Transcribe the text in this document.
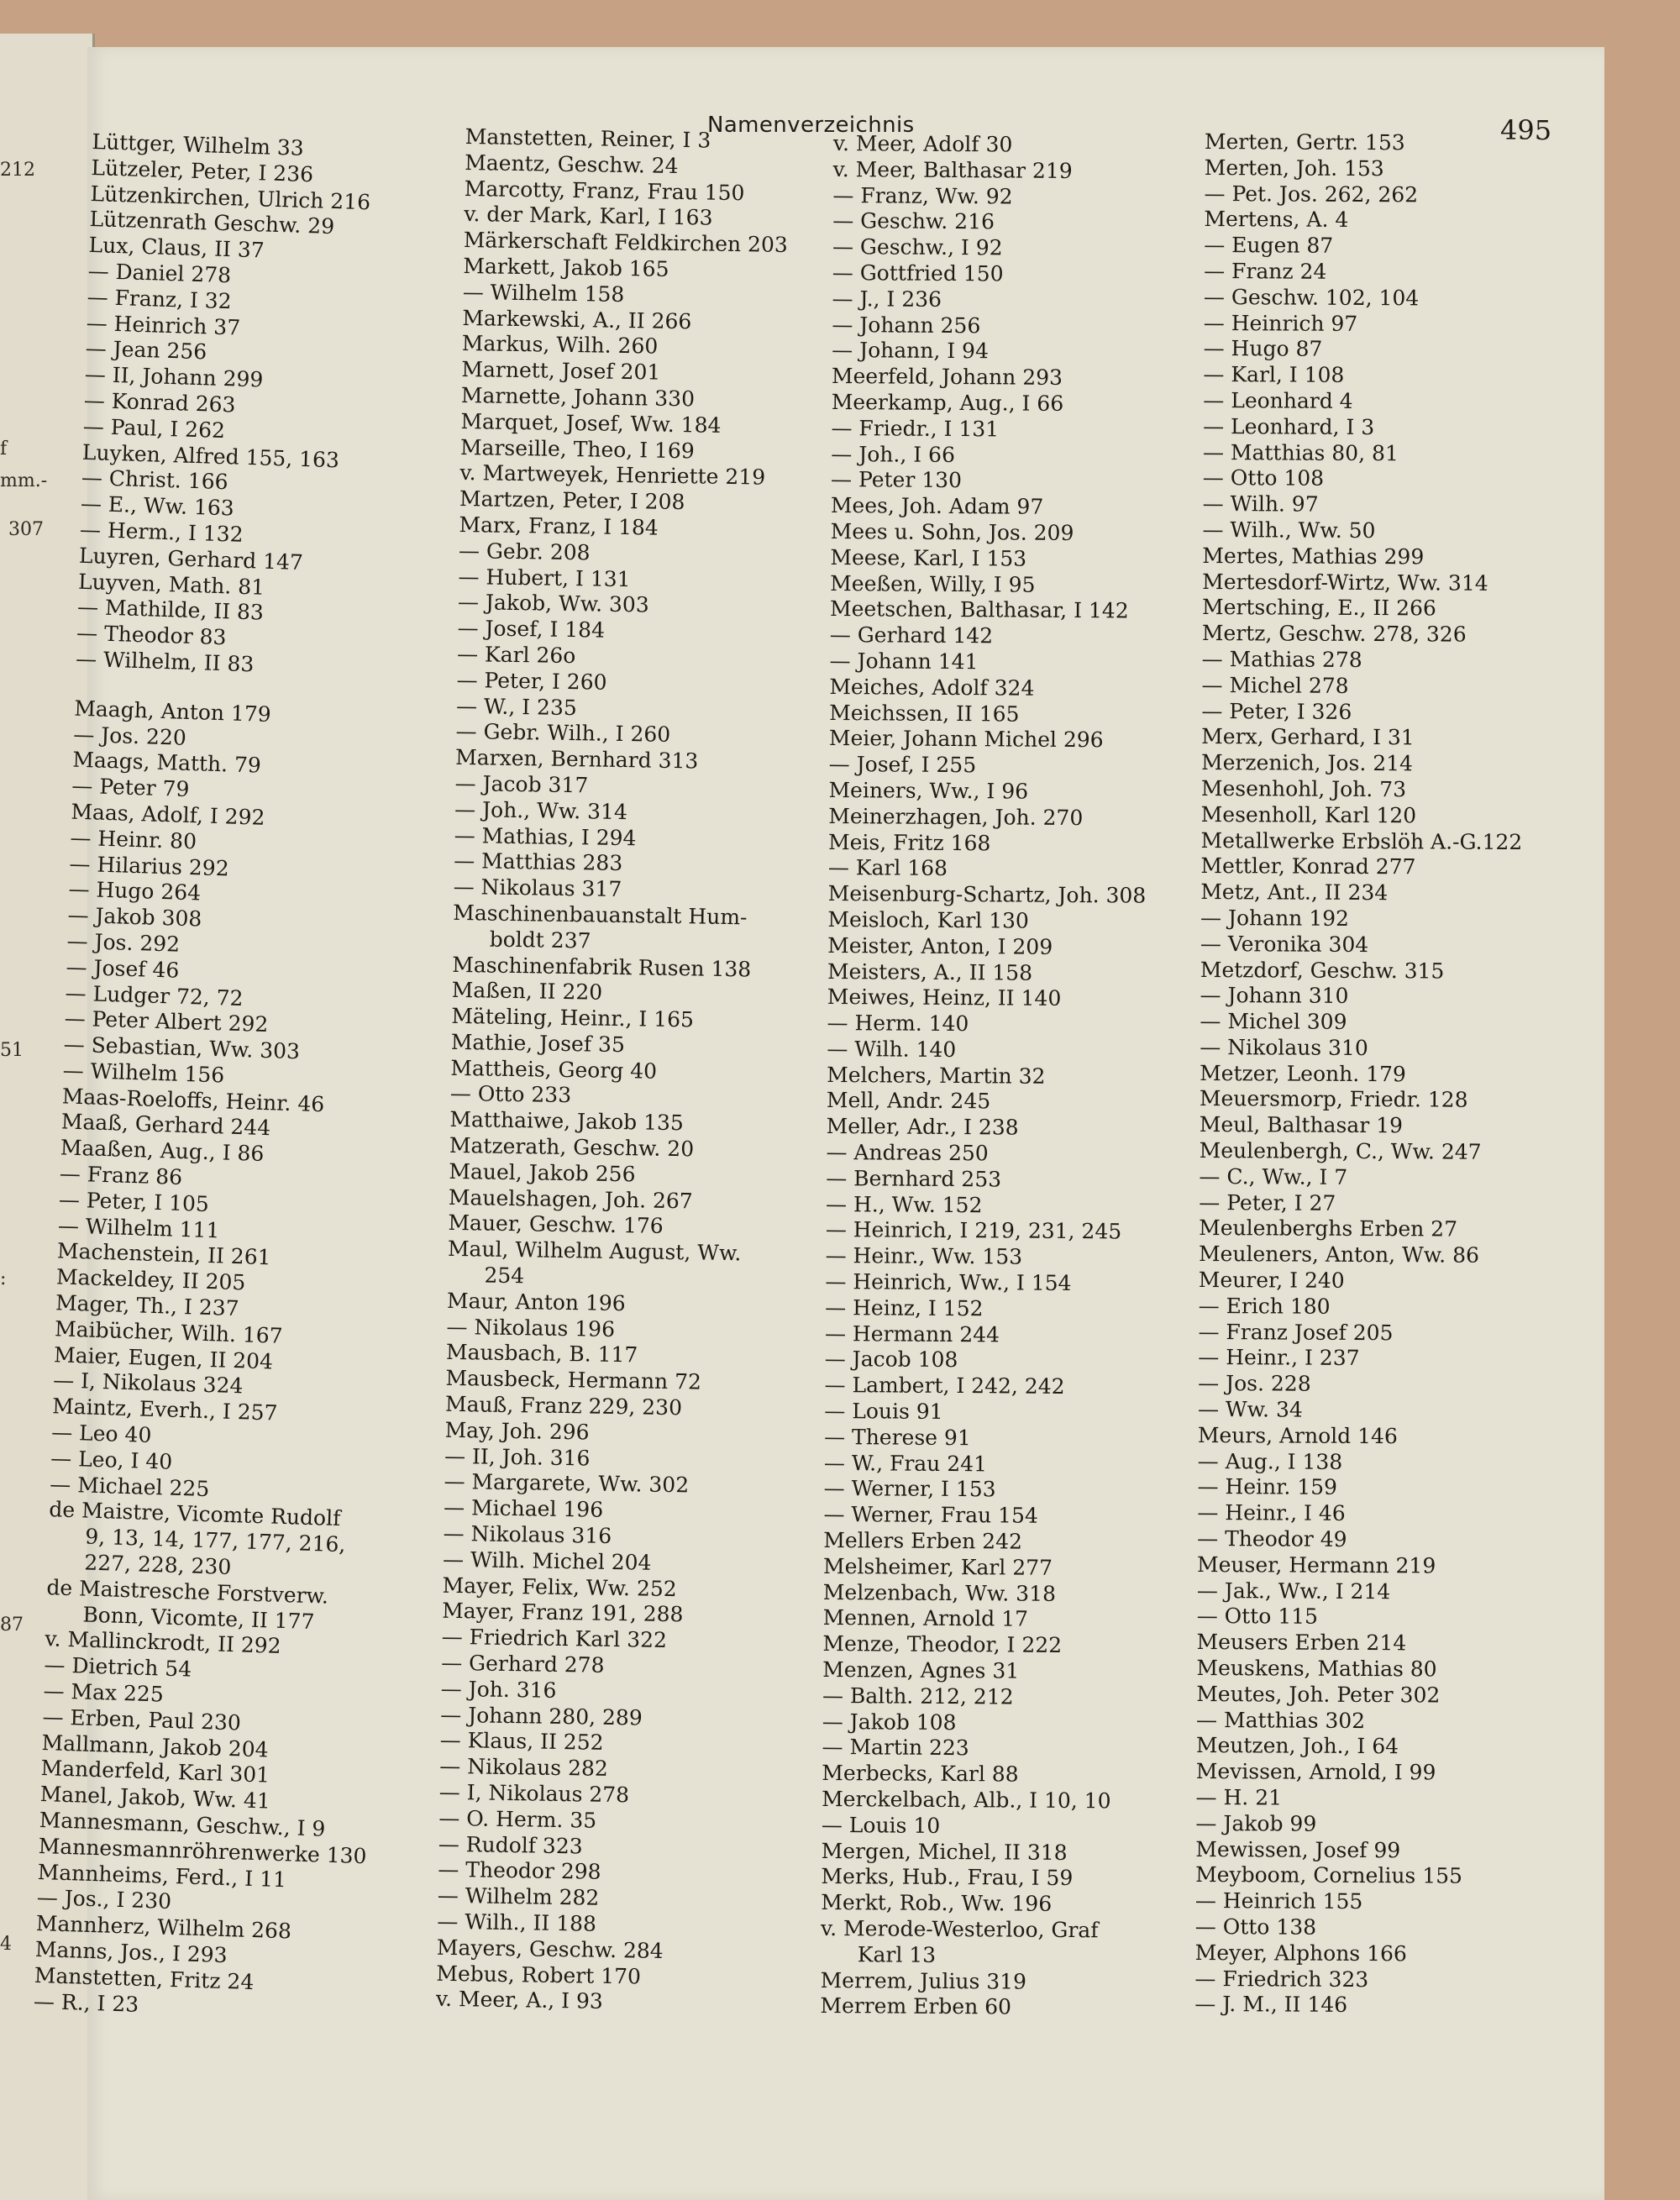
212
f
mm.-
307
51
:
87
4
Namenverzeichnis	495
Lüttger, Wilhelm 33
Lützeler, Peter, I 236
Lützenkirchen, Ulrich 216
Lützenrath Geschw. 29
Lux, Claus, II 37
— Daniel 278
— Franz, I 32
— Heinrich 37
— Jean 256
— II, Johann 299
— Konrad 263
— Paul, I 262
Luyken, Alfred 155, 163
— Christ. 166
— E., Ww. 163
— Herm., I 132
Luyren, Gerhard 147
Luyven, Math. 81
— Mathilde, II 83
— Theodor 83
— Wilhelm, II 83
Maagh, Anton 179
— Jos. 220
Maags, Matth. 79
— Peter 79
Maas, Adolf, I 292
— Heinr. 80
— Hilarius 292
— Hugo 264
— Jakob 308
— Jos. 292
— Josef 46
— Ludger 72, 72
— Peter Albert 292
— Sebastian, Ww. 303
— Wilhelm 156
Maas-Roeloffs, Heinr. 46
Maaß, Gerhard 244
Maaßen, Aug., I 86
— Franz 86
— Peter, I 105
— Wilhelm 111
Machenstein, II 261
Mackeldey, II 205
Mager, Th., I 237
Maibücher, Wilh. 167
Maier, Eugen, II 204
— I, Nikolaus 324
Maintz, Everh., I 257
— Leo 40
— Leo, I 40
— Michael 225
de Maistre, Vicomte Rudolf
9, 13, 14, 177, 177, 216,
227, 228, 230
de Maistresche Forstverw.
Bonn, Vicomte, II 177
v. Mallinckrodt, II 292
— Dietrich 54
— Max 225
— Erben, Paul 230
Mallmann, Jakob 204
Manderfeld, Karl 301
Manel, Jakob, Ww. 41
Mannesmann, Geschw., I 9
Mannesmannröhrenwerke 130
Mannheims, Ferd., I 11
— Jos., I 230
Mannherz, Wilhelm 268
Manns, Jos., I 293
Manstetten, Fritz 24
— R., I 23
Manstetten, Reiner, I 3
Maentz, Geschw. 24
Marcotty, Franz, Frau 150
v. der Mark, Karl, I 163
Märkerschaft Feldkirchen 203
Markett, Jakob 165
— Wilhelm 158
Markewski, A., II 266
Markus, Wilh. 260
Marnett, Josef 201
Marnette, Johann 330
Marquet, Josef, Ww. 184
Marseille, Theo, I 169
v. Martweyek, Henriette 219
Martzen, Peter, I 208
Marx, Franz, I 184
— Gebr. 208
— Hubert, I 131
— Jakob, Ww. 303
— Josef, I 184
— Karl 26o
— Peter, I 260
— W., I 235
— Gebr. Wilh., I 260
Marxen, Bernhard 313
— Jacob 317
— Joh., Ww. 314
— Mathias, I 294
— Matthias 283
— Nikolaus 317
Maschinenbauanstalt Hum-
boldt 237
Maschinenfabrik Rusen 138
Maßen, II 220
Mäteling, Heinr., I 165
Mathie, Josef 35
Mattheis, Georg 40
— Otto 233
Matthaiwe, Jakob 135
Matzerath, Geschw. 20
Mauel, Jakob 256
Mauelshagen, Joh. 267
Mauer, Geschw. 176
Maul, Wilhelm August, Ww.
254
Maur, Anton 196
— Nikolaus 196
Mausbach, B. 117
Mausbeck, Hermann 72
Mauß, Franz 229, 230
May, Joh. 296
— II, Joh. 316
— Margarete, Ww. 302
— Michael 196
— Nikolaus 316
— Wilh. Michel 204
Mayer, Felix, Ww. 252
Mayer, Franz 191, 288
— Friedrich Karl 322
— Gerhard 278
— Joh. 316
— Johann 280, 289
— Klaus, II 252
— Nikolaus 282
— I, Nikolaus 278
— O. Herm. 35
— Rudolf 323
— Theodor 298
— Wilhelm 282
— Wilh., II 188
Mayers, Geschw. 284
Mebus, Robert 170
v. Meer, A., I 93
v. Meer, Adolf 30
v. Meer, Balthasar 219
— Franz, Ww. 92
— Geschw. 216
— Geschw., I 92
— Gottfried 150
— J., I 236
— Johann 256
— Johann, I 94
Meerfeld, Johann 293
Meerkamp, Aug., I 66
— Friedr., I 131
— Joh., I 66
— Peter 130
Mees, Joh. Adam 97
Mees u. Sohn, Jos. 209
Meese, Karl, I 153
Meeßen, Willy, I 95
Meetschen, Balthasar, I 142
— Gerhard 142
— Johann 141
Meiches, Adolf 324
Meichssen, II 165
Meier, Johann Michel 296
— Josef, I 255
Meiners, Ww., I 96
Meinerzhagen, Joh. 270
Meis, Fritz 168
— Karl 168
Meisenburg-Schartz, Joh. 308
Meisloch, Karl 130
Meister, Anton, I 209
Meisters, A., II 158
Meiwes, Heinz, II 140
— Herm. 140
— Wilh. 140
Melchers, Martin 32
Mell, Andr. 245
Meller, Adr., I 238
— Andreas 250
— Bernhard 253
— H., Ww. 152
— Heinrich, I 219, 231, 245
— Heinr., Ww. 153
— Heinrich, Ww., I 154
— Heinz, I 152
— Hermann 244
— Jacob 108
— Lambert, I 242, 242
— Louis 91
— Therese 91
— W., Frau 241
— Werner, I 153
— Werner, Frau 154
Mellers Erben 242
Melsheimer, Karl 277
Melzenbach, Ww. 318
Mennen, Arnold 17
Menze, Theodor, I 222
Menzen, Agnes 31
— Balth. 212, 212
— Jakob 108
— Martin 223
Merbecks, Karl 88
Merckelbach, Alb., I 10, 10
— Louis 10
Mergen, Michel, II 318
Merks, Hub., Frau, I 59
Merkt, Rob., Ww. 196
v. Merode-Westerloo, Graf
Karl 13
Merrem, Julius 319
Merrem Erben 60
Merten, Gertr. 153
Merten, Joh. 153
— Pet. Jos. 262, 262
Mertens, A. 4
— Eugen 87
— Franz 24
— Geschw. 102, 104
— Heinrich 97
— Hugo 87
— Karl, I 108
— Leonhard 4
— Leonhard, I 3
— Matthias 80, 81
— Otto 108
— Wilh. 97
— Wilh., Ww. 50
Mertes, Mathias 299
Mertesdorf-Wirtz, Ww. 314
Mertsching, E., II 266
Mertz, Geschw. 278, 326
— Mathias 278
— Michel 278
— Peter, I 326
Merx, Gerhard, I 31
Merzenich, Jos. 214
Mesenhohl, Joh. 73
Mesenholl, Karl 120
Metallwerke Erbslöh A.-G.122
Mettler, Konrad 277
Metz, Ant., II 234
— Johann 192
— Veronika 304
Metzdorf, Geschw. 315
— Johann 310
— Michel 309
— Nikolaus 310
Metzer, Leonh. 179
Meuersmorp, Friedr. 128
Meul, Balthasar 19
Meulenbergh, C., Ww. 247
— C., Ww., I 7
— Peter, I 27
Meulenberghs Erben 27
Meuleners, Anton, Ww. 86
Meurer, I 240
— Erich 180
— Franz Josef 205
— Heinr., I 237
— Jos. 228
— Ww. 34
Meurs, Arnold 146
— Aug., I 138
— Heinr. 159
— Heinr., I 46
— Theodor 49
Meuser, Hermann 219
— Jak., Ww., I 214
— Otto 115
Meusers Erben 214
Meuskens, Mathias 80
Meutes, Joh. Peter 302
— Matthias 302
Meutzen, Joh., I 64
Mevissen, Arnold, I 99
— H. 21
— Jakob 99
Mewissen, Josef 99
Meyboom, Cornelius 155
— Heinrich 155
— Otto 138
Meyer, Alphons 166
— Friedrich 323
— J. M., II 146
